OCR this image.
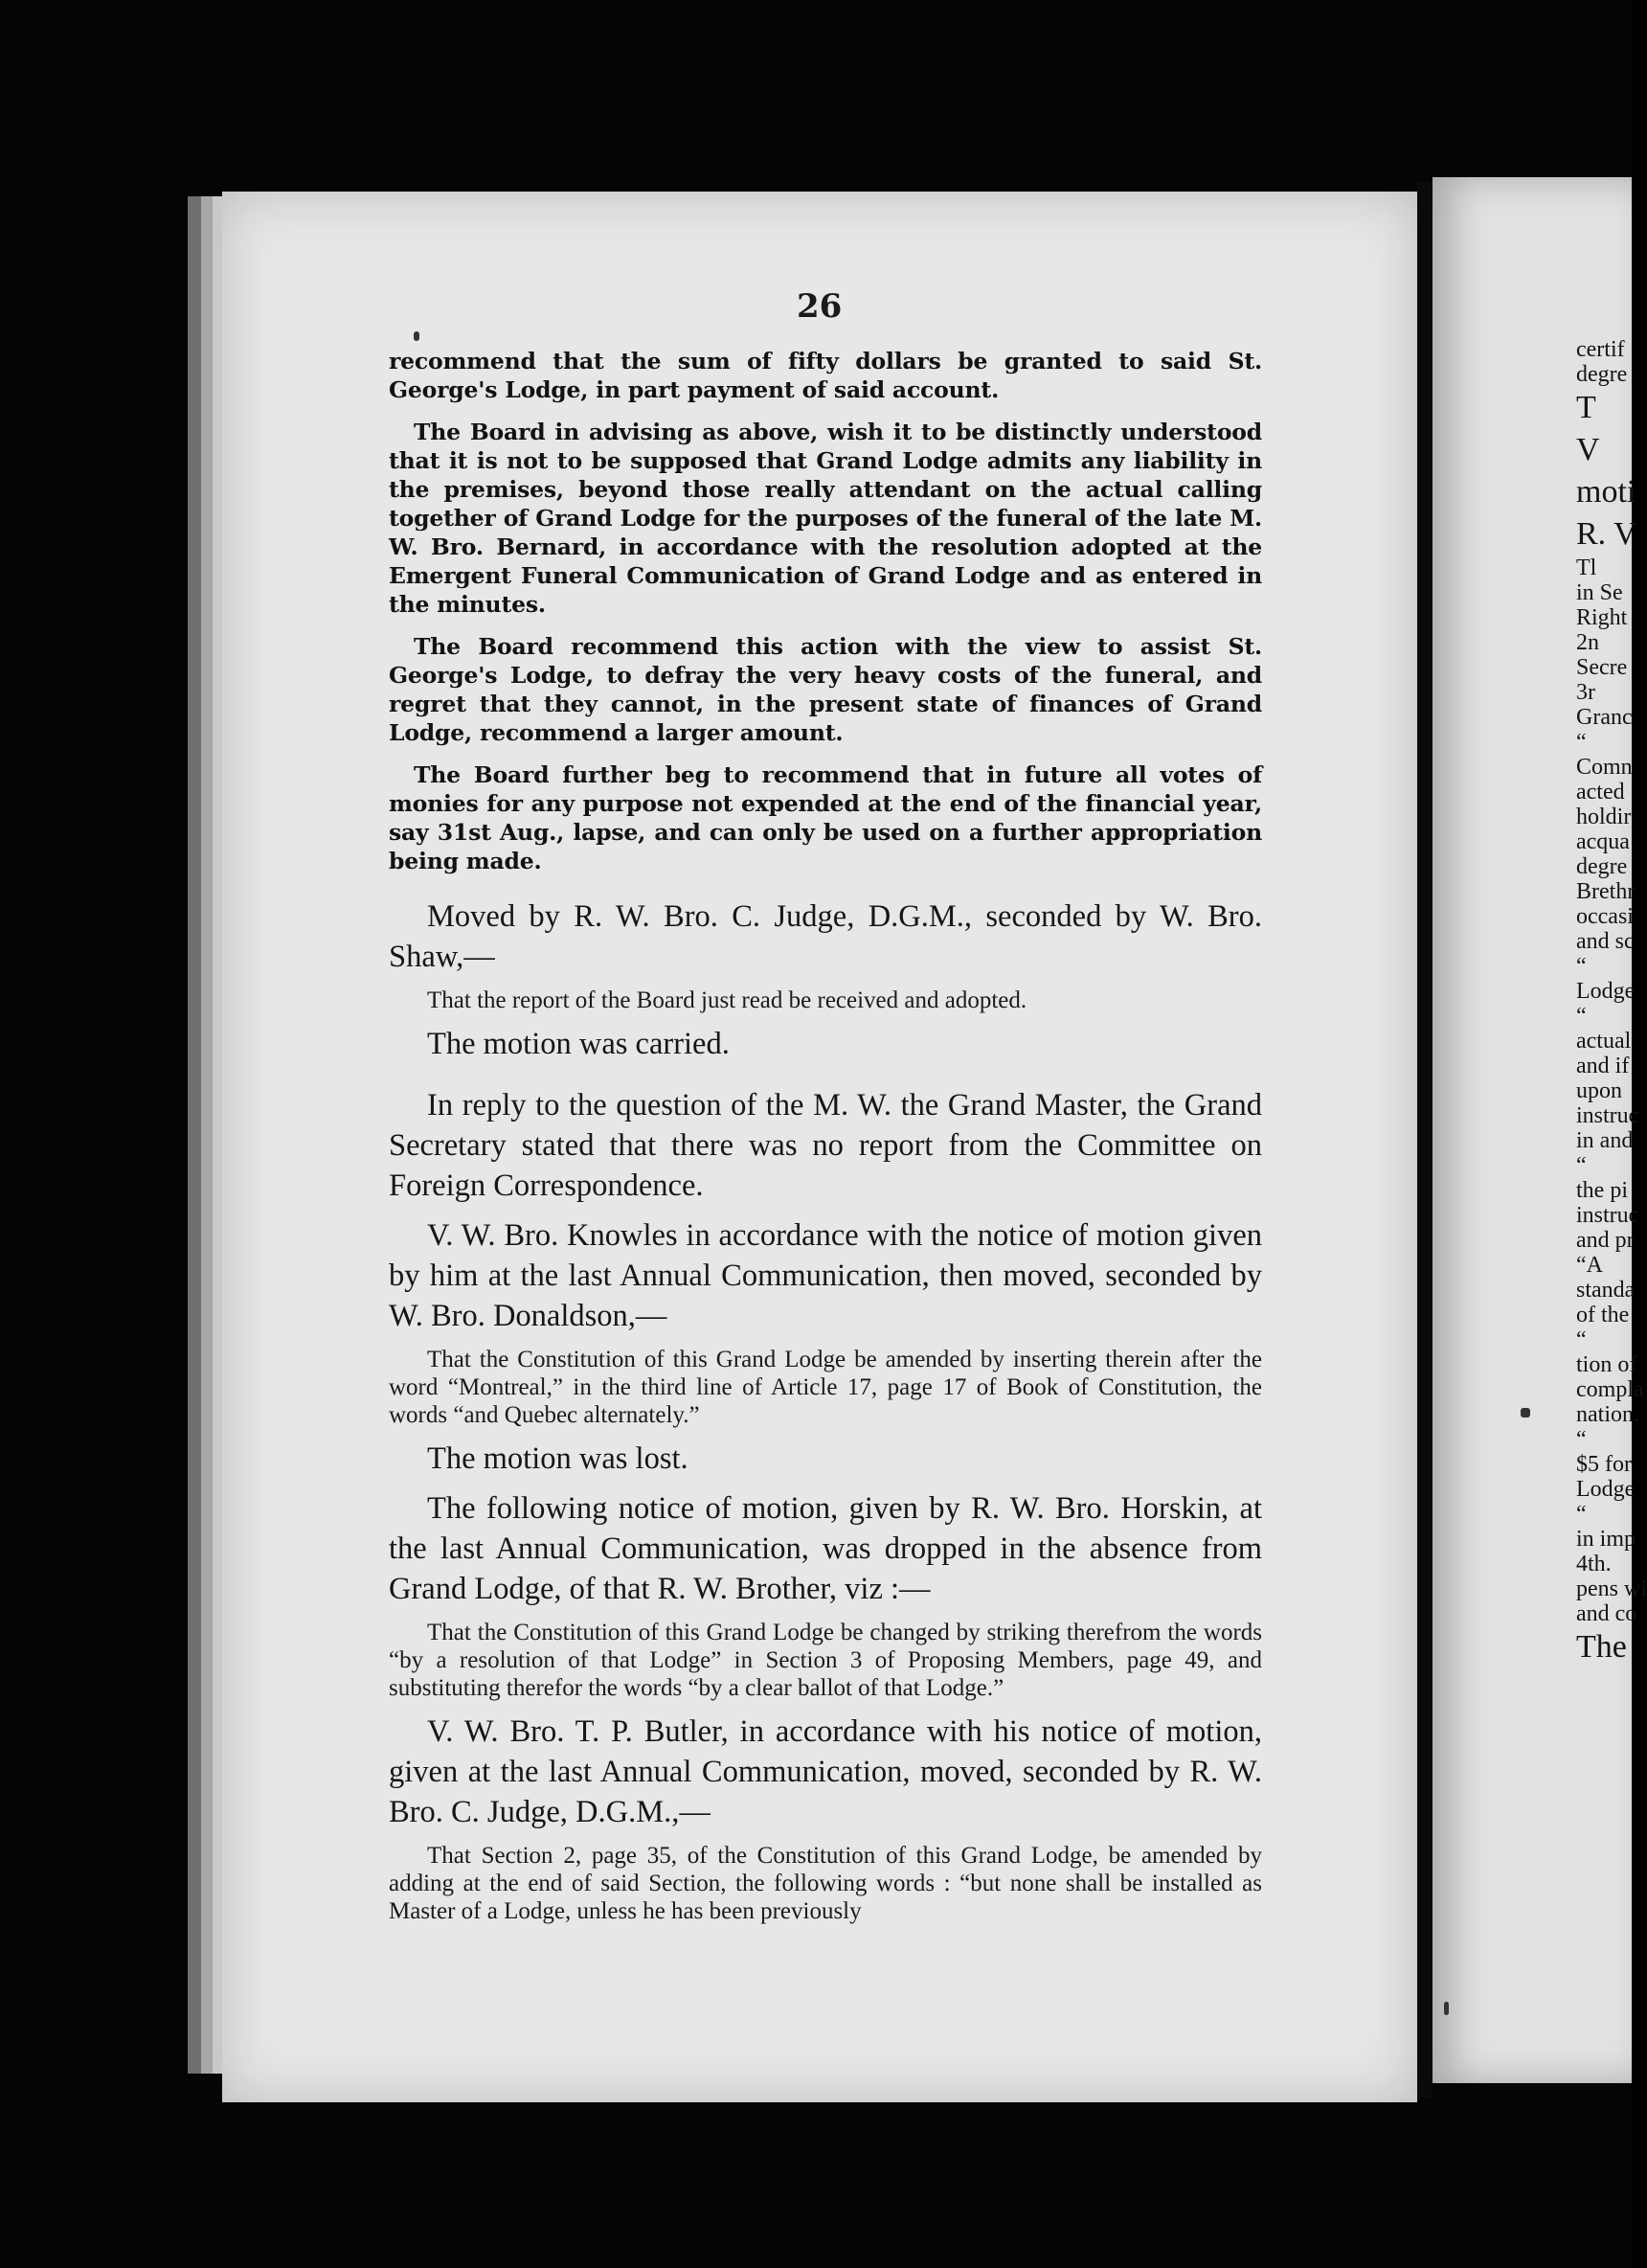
26

recommend that the sum of fifty dollars be granted to said St. George's Lodge, in part payment of said account.

The Board in advising as above, wish it to be distinctly understood that it is not to be supposed that Grand Lodge admits any liability in the premises, beyond those really attendant on the actual calling together of Grand Lodge for the purposes of the funeral of the late M. W. Bro. Bernard, in accordance with the resolution adopted at the Emergent Funeral Communication of Grand Lodge and as entered in the minutes.

The Board recommend this action with the view to assist St. George's Lodge, to defray the very heavy costs of the funeral, and regret that they cannot, in the present state of finances of Grand Lodge, recommend a larger amount.

The Board further beg to recommend that in future all votes of monies for any purpose not expended at the end of the financial year, say 31st Aug., lapse, and can only be used on a further appropriation being made.

Moved by R. W. Bro. C. Judge, D.G.M., seconded by W. Bro. Shaw,—

That the report of the Board just read be received and adopted.

The motion was carried.

In reply to the question of the M. W. the Grand Master, the Grand Secretary stated that there was no report from the Committee on Foreign Correspondence.

V. W. Bro. Knowles in accordance with the notice of motion given by him at the last Annual Communication, then moved, seconded by W. Bro. Donaldson,—

That the Constitution of this Grand Lodge be amended by inserting therein after the word “Montreal,” in the third line of Article 17, page 17 of Book of Constitution, the words “and Quebec alternately.”

The motion was lost.

The following notice of motion, given by R. W. Bro. Horskin, at the last Annual Communication, was dropped in the absence from Grand Lodge, of that R. W. Brother, viz :—

That the Constitution of this Grand Lodge be changed by striking therefrom the words “by a resolution of that Lodge” in Section 3 of Proposing Members, page 49, and substituting therefor the words “by a clear ballot of that Lodge.”

V. W. Bro. T. P. Butler, in accordance with his notice of motion, given at the last Annual Communication, moved, seconded by R. W. Bro. C. Judge, D.G.M.,—

That Section 2, page 35, of the Constitution of this Grand Lodge, be amended by adding at the end of said Section, the following words : “but none shall be installed as Master of a Lodge, unless he has been previously

certif
degre
T
V
moti
R. V
Tl
in Se
Right
2n
Secre
3r
Granc
“
Comn
acted
holdir
acqua
degre
Brethr
occasi
and sc
“
Lodge
“
actual
and if
upon
instruc
in and
“
the pi
instruc
and pr
“A
standa
of the
“
tion of
compla
nation.
“
$5 for
Lodge
“
in imp
4th.
pens wi
and co
The
